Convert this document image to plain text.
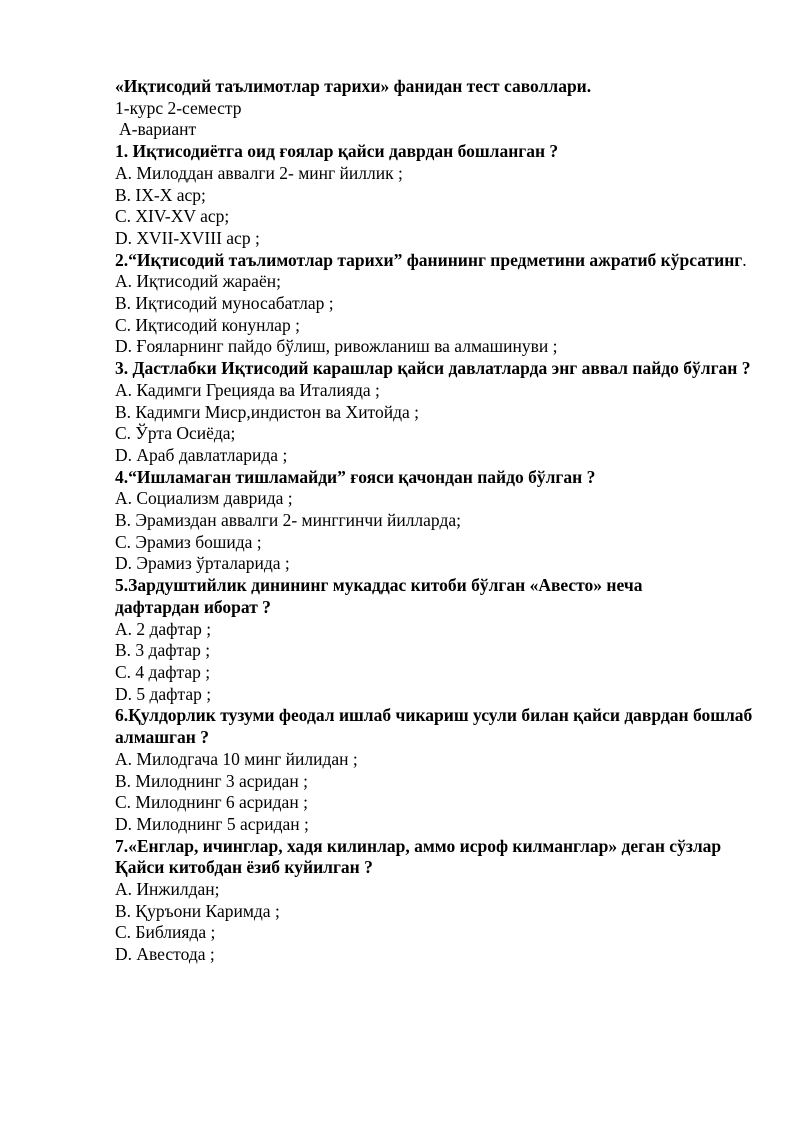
«Иқтисодий таълимотлар тарихи» фанидан тест саволлари.

1-курс 2-семестр

А-вариант

1. Иқтисодиётга оид ғоялар қайси даврдан бошланган ?

A. Милоддан аввалги 2- минг йиллик ;

B. IX-X аср;

C. XIV-XV аср;

D. XVII-XVIII аср ;

2.“Иқтисодий таълимотлар тарихи” фанининг предметини ажратиб кўрсатинг.

A. Иқтисодий жараён;

B. Иқтисодий муносабатлар ;

C. Иқтисодий конунлар ;

D. Ғояларнинг пайдо бўлиш, ривожланиш ва алмашинуви ;

3. Дастлабки Иқтисодий карашлар қайси давлатларда энг аввал пайдо бўлган ?

A. Кадимги Грецияда ва Италияда ;

B. Кадимги Миср,индистон ва Хитойда ;

C. Ўрта Осиёда;

D. Араб давлатларида ;

4.“Ишламаган тишламайди” ғояси қачондан пайдо бўлган ?

A. Социализм даврида ;

B. Эрамиздан аввалги 2- минггинчи йилларда;

C. Эрамиз бошида ;

D. Эрамиз ўрталарида ;

5.Зардуштийлик динининг мукаддас китоби бўлган «Авесто» неча дафтардан иборат ?

A. 2 дафтар ;

B. 3 дафтар ;

C. 4 дафтар ;

D. 5 дафтар ;

6.Қулдорлик тузуми феодал ишлаб чикариш усули билан қайси даврдан бошлаб алмашган ?

A. Милодгача 10 минг йилидан ;

B. Милоднинг 3 асридан ;

C. Милоднинг 6 асридан ;

D. Милоднинг 5 асридан ;

7.«Енглар, ичинглар, хадя килинлар, аммо исроф килманглар» деган сўзлар Қайси китобдан ёзиб куйилган ?

A. Инжилдан;

B. Қуръони Каримда ;

C. Библияда ;

D. Авестода ;
